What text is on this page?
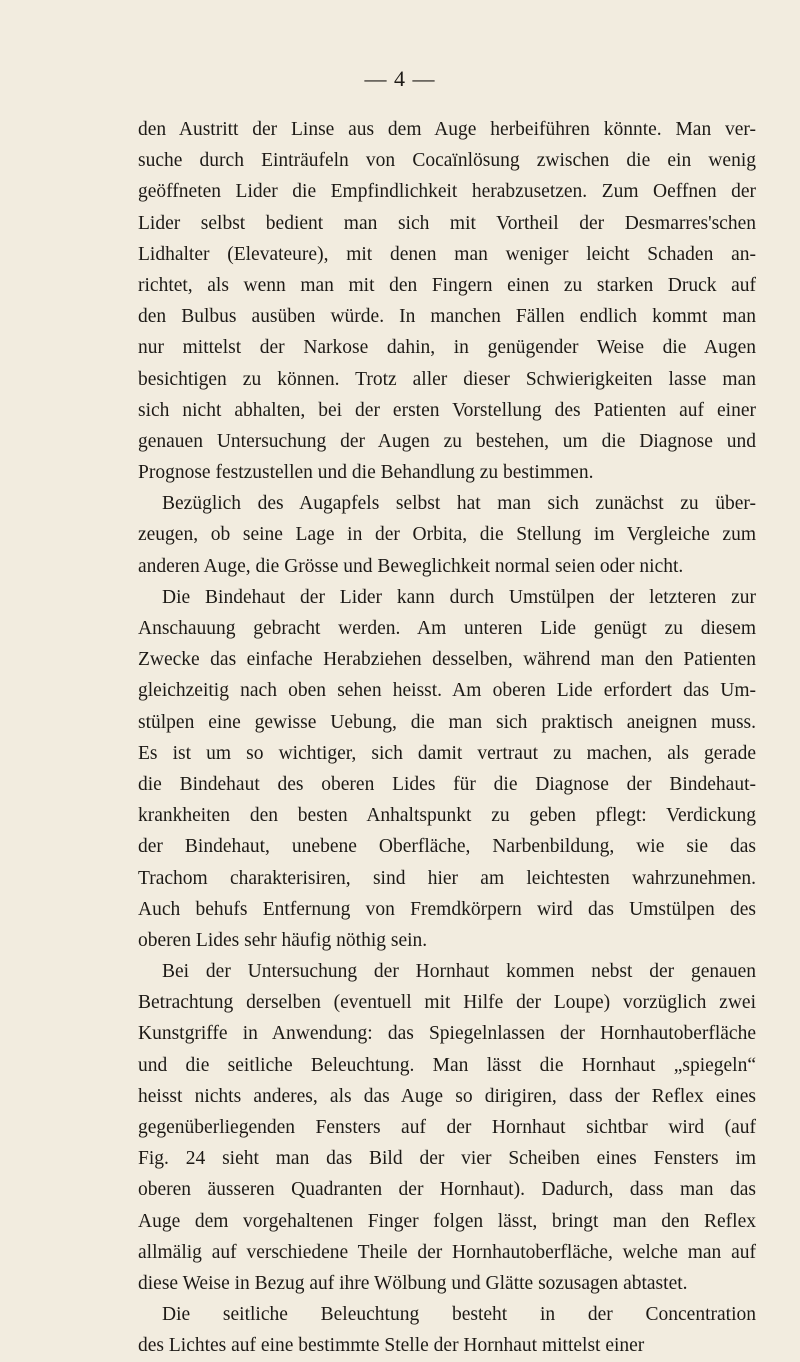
— 4 —
den Austritt der Linse aus dem Auge herbeiführen könnte. Man ver-
suche durch Einträufeln von Cocaïnlösung zwischen die ein wenig
geöffneten Lider die Empfindlichkeit herabzusetzen. Zum Oeffnen der
Lider selbst bedient man sich mit Vortheil der Desmarres'schen
Lidhalter (Elevateure), mit denen man weniger leicht Schaden an-
richtet, als wenn man mit den Fingern einen zu starken Druck auf
den Bulbus ausüben würde. In manchen Fällen endlich kommt man
nur mittelst der Narkose dahin, in genügender Weise die Augen
besichtigen zu können. Trotz aller dieser Schwierigkeiten lasse man
sich nicht abhalten, bei der ersten Vorstellung des Patienten auf einer
genauen Untersuchung der Augen zu bestehen, um die Diagnose und
Prognose festzustellen und die Behandlung zu bestimmen.
Bezüglich des Augapfels selbst hat man sich zunächst zu über-
zeugen, ob seine Lage in der Orbita, die Stellung im Vergleiche zum
anderen Auge, die Grösse und Beweglichkeit normal seien oder nicht.
Die Bindehaut der Lider kann durch Umstülpen der letzteren zur
Anschauung gebracht werden. Am unteren Lide genügt zu diesem
Zwecke das einfache Herabziehen desselben, während man den Patienten
gleichzeitig nach oben sehen heisst. Am oberen Lide erfordert das Um-
stülpen eine gewisse Uebung, die man sich praktisch aneignen muss.
Es ist um so wichtiger, sich damit vertraut zu machen, als gerade
die Bindehaut des oberen Lides für die Diagnose der Bindehaut-
krankheiten den besten Anhaltspunkt zu geben pflegt: Verdickung
der Bindehaut, unebene Oberfläche, Narbenbildung, wie sie das
Trachom charakterisiren, sind hier am leichtesten wahrzunehmen.
Auch behufs Entfernung von Fremdkörpern wird das Umstülpen des
oberen Lides sehr häufig nöthig sein.
Bei der Untersuchung der Hornhaut kommen nebst der genauen
Betrachtung derselben (eventuell mit Hilfe der Loupe) vorzüglich zwei
Kunstgriffe in Anwendung: das Spiegelnlassen der Hornhautoberfläche
und die seitliche Beleuchtung. Man lässt die Hornhaut „spiegeln“
heisst nichts anderes, als das Auge so dirigiren, dass der Reflex eines
gegenüberliegenden Fensters auf der Hornhaut sichtbar wird (auf
Fig. 24 sieht man das Bild der vier Scheiben eines Fensters im
oberen äusseren Quadranten der Hornhaut). Dadurch, dass man das
Auge dem vorgehaltenen Finger folgen lässt, bringt man den Reflex
allmälig auf verschiedene Theile der Hornhautoberfläche, welche man auf
diese Weise in Bezug auf ihre Wölbung und Glätte sozusagen abtastet.
Die seitliche Beleuchtung besteht in der Concentration
des Lichtes auf eine bestimmte Stelle der Hornhaut mittelst einer
